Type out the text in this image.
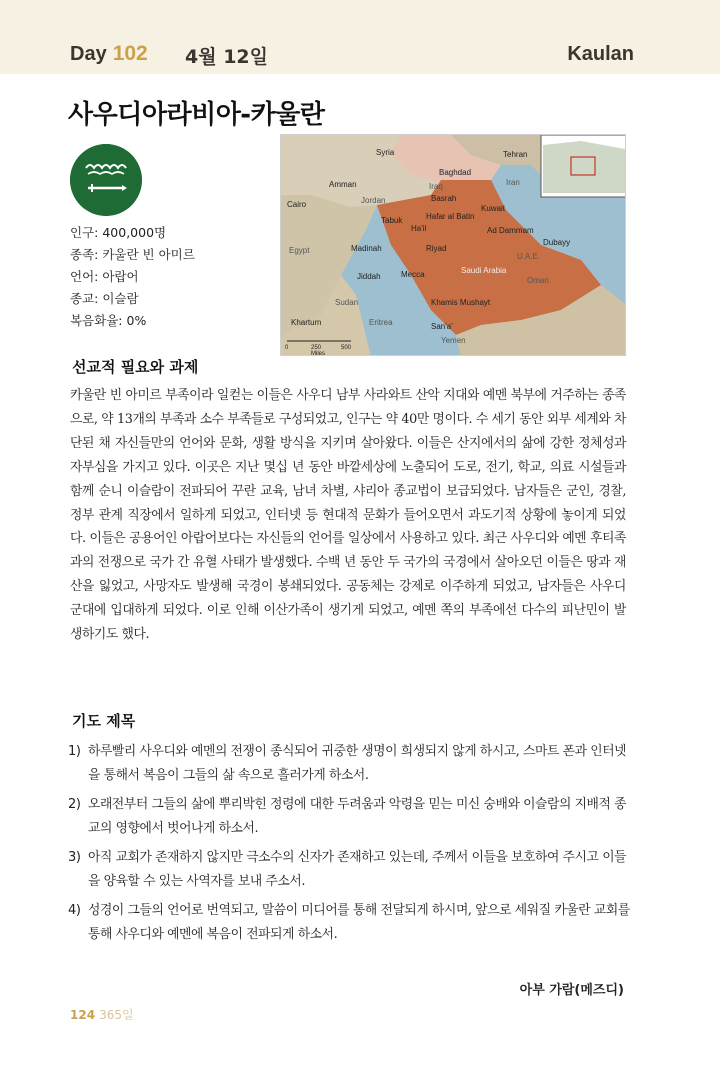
Day 102 4월 12일	Kaulan
사우디아라비아-카울란
인구: 400,000명
종족: 카울란 빈 아미르
언어: 아랍어
종교: 이슬람
복음화율: 0%
Syria	Tehran
Baghdad
Iraq	Iran
Amman
Cairo	Jordan	Basrah
Kuwait
Tabuk	Hafar al Batin
Ha'il	Ad Dammam
Egypt	Madinah	Riyad
Dubayy
U.A.E.
Jiddah	Mecca	Saudi Arabia
Oman
Sudan	Khamis Mushayt
Khartum	Eritrea	San'a'
Yemen
0	250	500
Miles
선교적 필요와 과제

카울란 빈 아미르 부족이라 일컫는 이들은 사우디 남부 사라와트 산악 지대와 예멘 북부에 거주하는 종족으로, 약 13개의 부족과 소수 부족들로 구성되었고, 인구는 약 40만 명이다. 수 세기 동안 외부 세계와 차단된 채 자신들만의 언어와 문화, 생활 방식을 지키며 살아왔다. 이들은 산지에서의 삶에 강한 정체성과 자부심을 가지고 있다. 이곳은 지난 몇십 년 동안 바깥세상에 노출되어 도로, 전기, 학교, 의료 시설들과 함께 순니 이슬람이 전파되어 꾸란 교육, 남녀 차별, 샤리아 종교법이 보급되었다. 남자들은 군인, 경찰, 정부 관계 직장에서 일하게 되었고, 인터넷 등 현대적 문화가 들어오면서 과도기적 상황에 놓이게 되었다. 이들은 공용어인 아랍어보다는 자신들의 언어를 일상에서 사용하고 있다. 최근 사우디와 예멘 후티족과의 전쟁으로 국가 간 유혈 사태가 발생했다. 수백 년 동안 두 국가의 국경에서 살아오던 이들은 땅과 재산을 잃었고, 사망자도 발생해 국경이 봉쇄되었다. 공동체는 강제로 이주하게 되었고, 남자들은 사우디 군대에 입대하게 되었다. 이로 인해 이산가족이 생기게 되었고, 예멘 쪽의 부족에선 다수의 피난민이 발생하기도 했다.

기도 제목
1) 하루빨리 사우디와 예멘의 전쟁이 종식되어 귀중한 생명이 희생되지 않게 하시고, 스마트 폰과 인터넷을 통해서 복음이 그들의 삶 속으로 흘러가게 하소서.
2) 오래전부터 그들의 삶에 뿌리박힌 정령에 대한 두려움과 악령을 믿는 미신 숭배와 이슬람의 지배적 종교의 영향에서 벗어나게 하소서.
3) 아직 교회가 존재하지 않지만 극소수의 신자가 존재하고 있는데, 주께서 이들을 보호하여 주시고 이들을 양육할 수 있는 사역자를 보내 주소서.
4) 성경이 그들의 언어로 번역되고, 말씀이 미디어를 통해 전달되게 하시며, 앞으로 세워질 카울란 교회를 통해 사우디와 예멘에 복음이 전파되게 하소서.
아부 가람(메즈디)
124 365일
